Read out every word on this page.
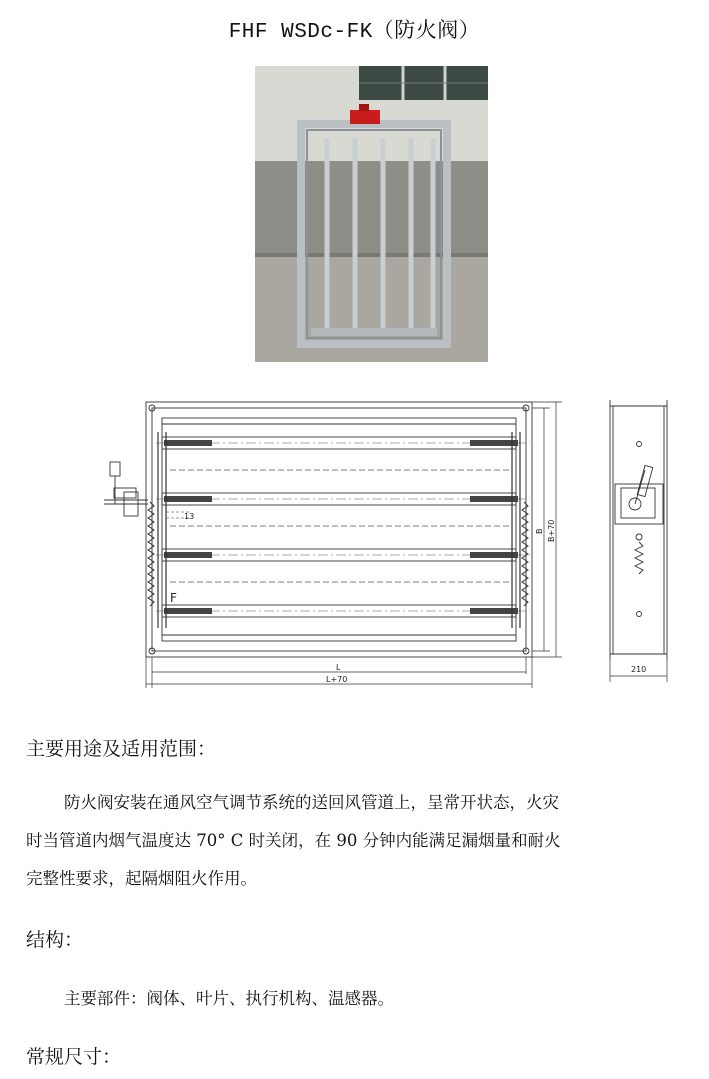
FHF WSDc-FK（防火阀）
13
F
L
L+70
B B+70
210
主要用途及适用范围：
防火阀安装在通风空气调节系统的送回风管道上，呈常开状态，火灾
时当管道内烟气温度达 70° C 时关闭，在 90 分钟内能满足漏烟量和耐火
完整性要求，起隔烟阻火作用。
结构：
主要部件：阀体、叶片、执行机构、温感器。
常规尺寸：
